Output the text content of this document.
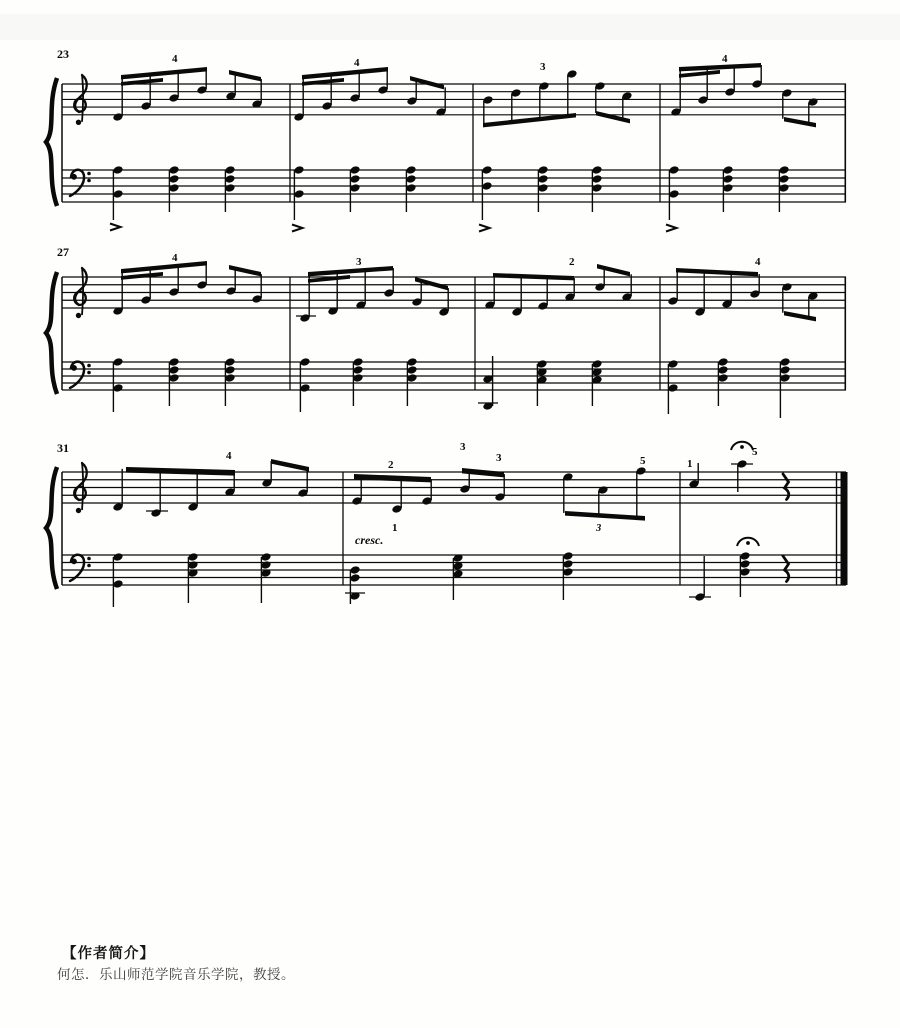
23	4	4	3
4
27	4	3	2	4
31
4
2
1
3
3	5	1
5
cresc.
3
【作者简介】
何怎．乐山师范学院音乐学院，教授。
